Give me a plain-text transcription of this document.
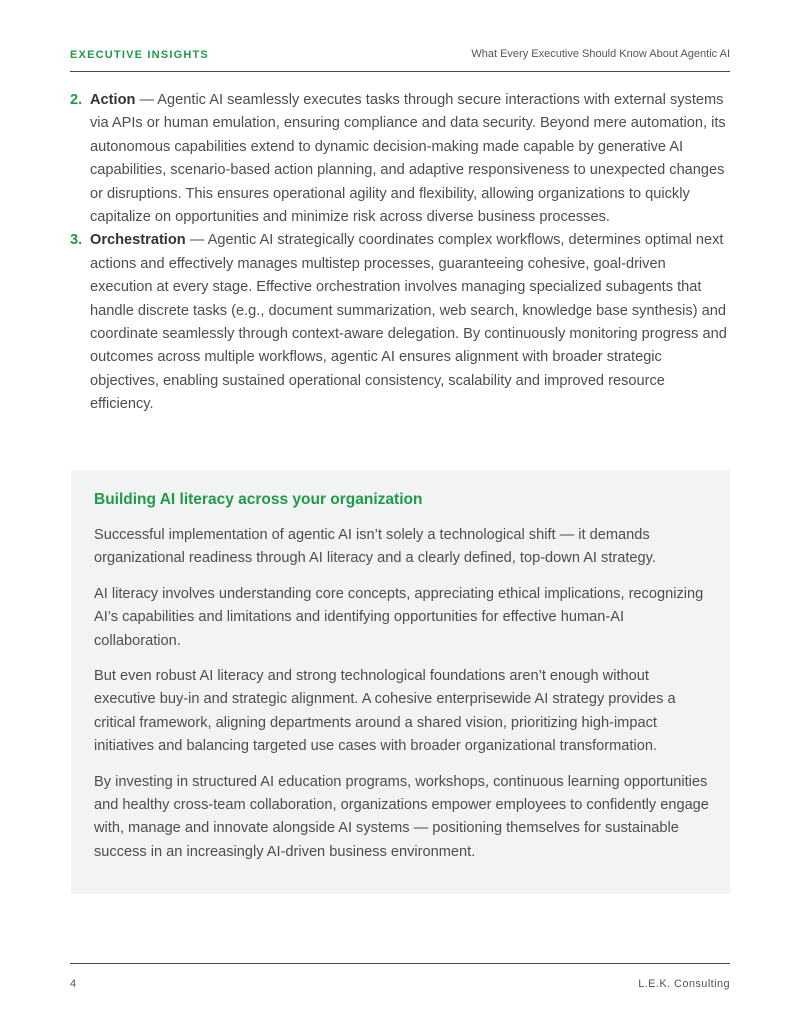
EXECUTIVE INSIGHTS	What Every Executive Should Know About Agentic AI
2. Action — Agentic AI seamlessly executes tasks through secure interactions with external systems via APIs or human emulation, ensuring compliance and data security. Beyond mere automation, its autonomous capabilities extend to dynamic decision-making made capable by generative AI capabilities, scenario-based action planning, and adaptive responsiveness to unexpected changes or disruptions. This ensures operational agility and flexibility, allowing organizations to quickly capitalize on opportunities and minimize risk across diverse business processes.
3. Orchestration — Agentic AI strategically coordinates complex workflows, determines optimal next actions and effectively manages multistep processes, guaranteeing cohesive, goal-driven execution at every stage. Effective orchestration involves managing specialized subagents that handle discrete tasks (e.g., document summarization, web search, knowledge base synthesis) and coordinate seamlessly through context-aware delegation. By continuously monitoring progress and outcomes across multiple workflows, agentic AI ensures alignment with broader strategic objectives, enabling sustained operational consistency, scalability and improved resource efficiency.
Building AI literacy across your organization

Successful implementation of agentic AI isn’t solely a technological shift — it demands organizational readiness through AI literacy and a clearly defined, top-down AI strategy.

AI literacy involves understanding core concepts, appreciating ethical implications, recognizing AI’s capabilities and limitations and identifying opportunities for effective human-AI collaboration.

But even robust AI literacy and strong technological foundations aren’t enough without executive buy-in and strategic alignment. A cohesive enterprisewide AI strategy provides a critical framework, aligning departments around a shared vision, prioritizing high-impact initiatives and balancing targeted use cases with broader organizational transformation.

By investing in structured AI education programs, workshops, continuous learning opportunities and healthy cross-team collaboration, organizations empower employees to confidently engage with, manage and innovate alongside AI systems — positioning themselves for sustainable success in an increasingly AI-driven business environment.

4	L.E.K. Consulting
